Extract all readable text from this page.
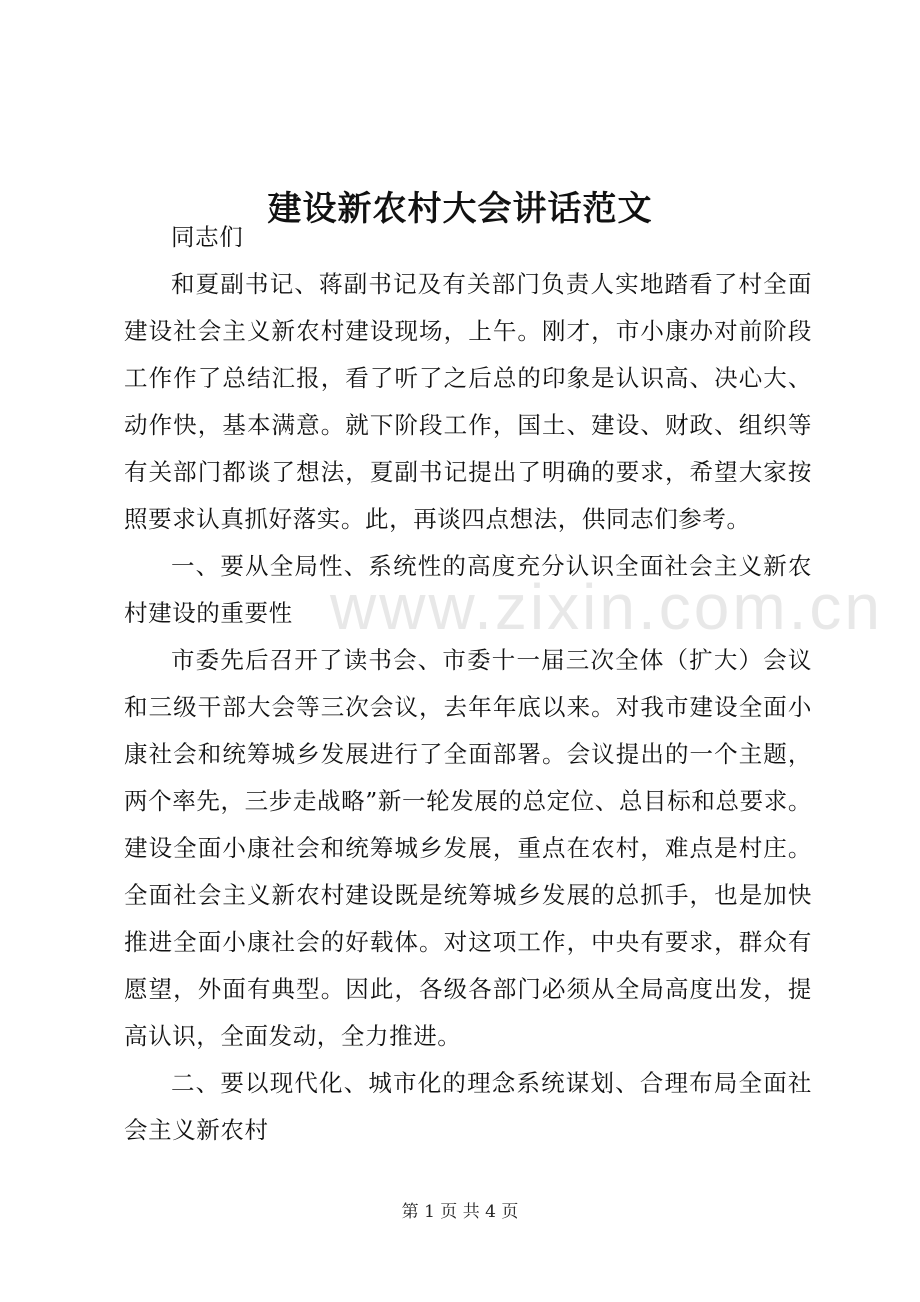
www.zixin.com.cn
建设新农村大会讲话范文

同志们

和夏副书记、蒋副书记及有关部门负责人实地踏看了村全面建设社会主义新农村建设现场，上午。刚才，市小康办对前阶段工作作了总结汇报，看了听了之后总的印象是认识高、决心大、动作快，基本满意。就下阶段工作，国土、建设、财政、组织等有关部门都谈了想法，夏副书记提出了明确的要求，希望大家按照要求认真抓好落实。此，再谈四点想法，供同志们参考。

一、要从全局性、系统性的高度充分认识全面社会主义新农村建设的重要性

市委先后召开了读书会、市委十一届三次全体（扩大）会议和三级干部大会等三次会议，去年年底以来。对我市建设全面小康社会和统筹城乡发展进行了全面部署。会议提出的一个主题，两个率先，三步走战略”新一轮发展的总定位、总目标和总要求。建设全面小康社会和统筹城乡发展，重点在农村，难点是村庄。全面社会主义新农村建设既是统筹城乡发展的总抓手，也是加快推进全面小康社会的好载体。对这项工作，中央有要求，群众有愿望，外面有典型。因此，各级各部门必须从全局高度出发，提高认识，全面发动，全力推进。

二、要以现代化、城市化的理念系统谋划、合理布局全面社会主义新农村

第 1 页 共 4 页
